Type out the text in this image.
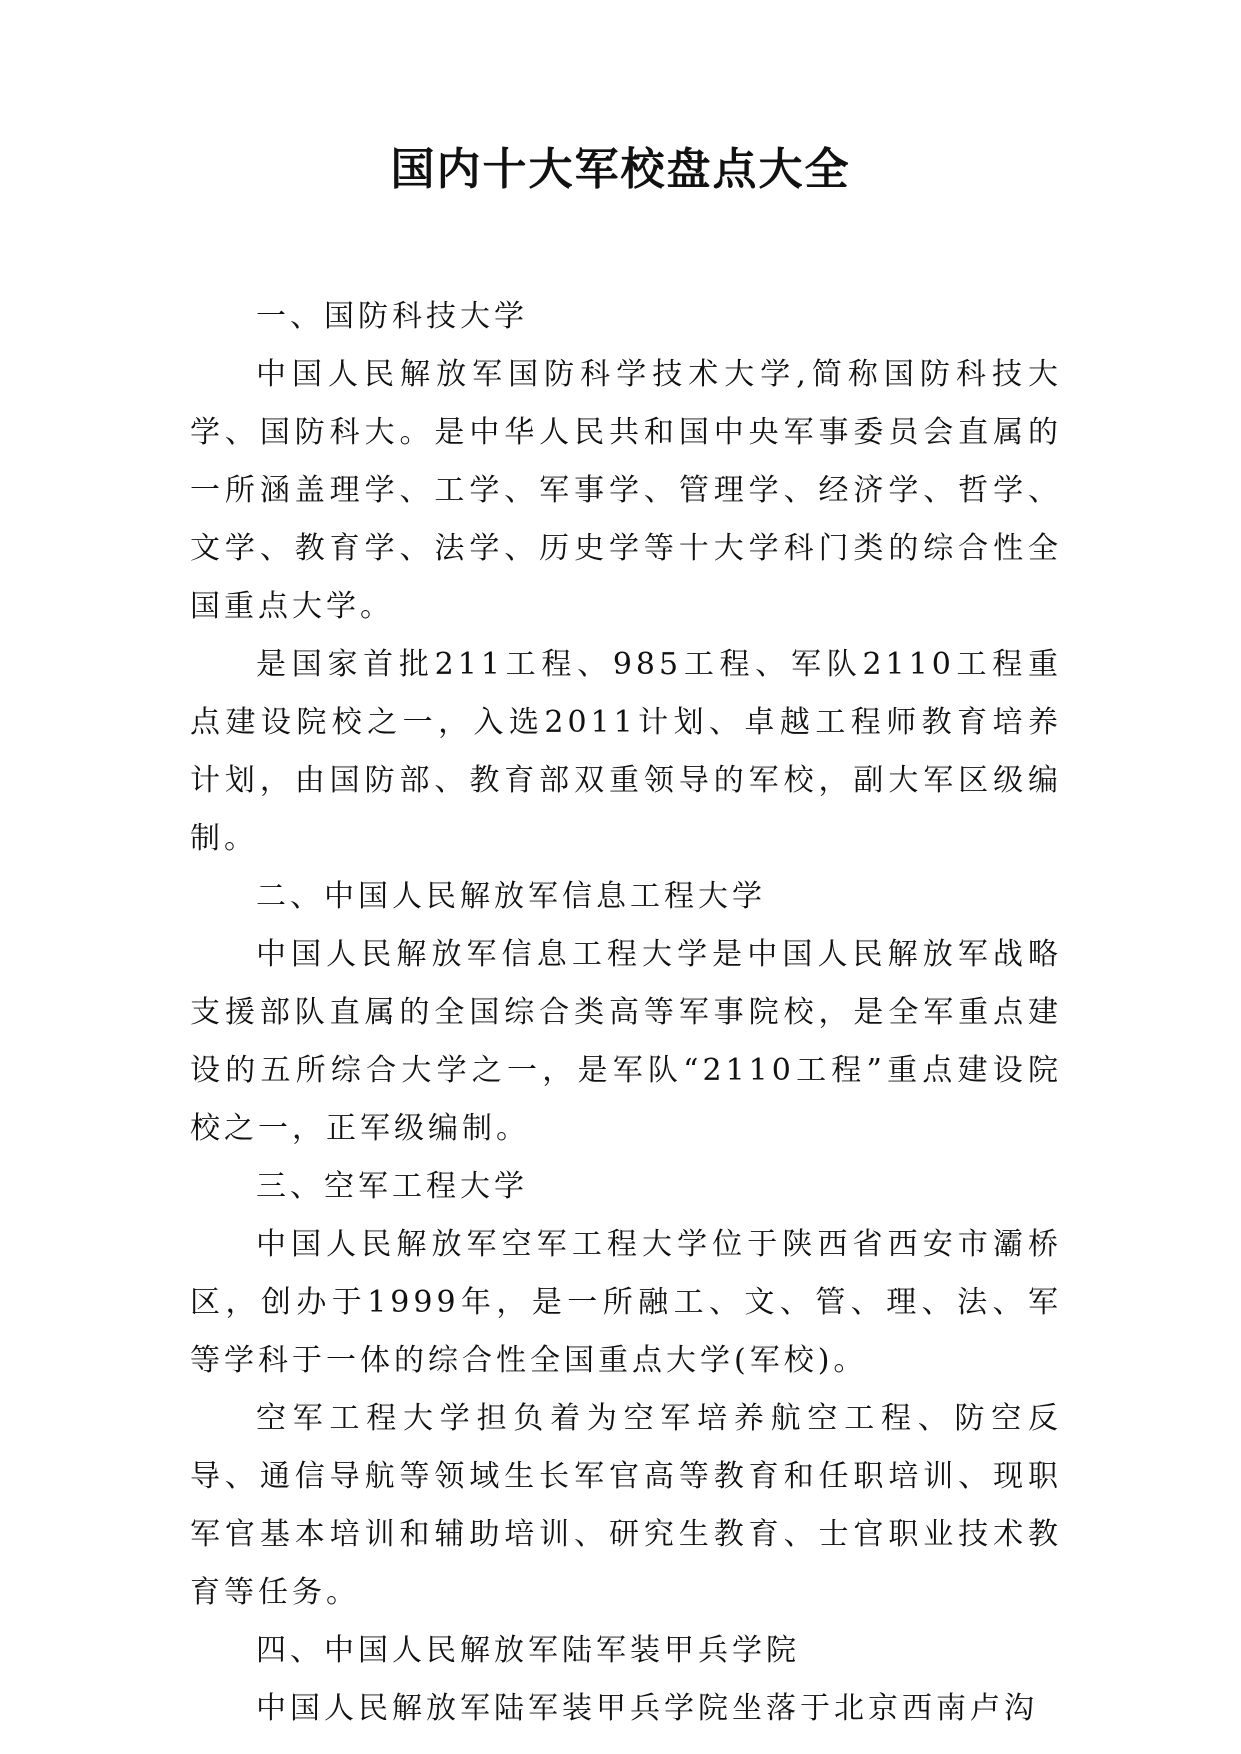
国内十大军校盘点大全

一、国防科技大学

中国人民解放军国防科学技术大学,简称国防科技大学、国防科大。是中华人民共和国中央军事委员会直属的一所涵盖理学、工学、军事学、管理学、经济学、哲学、文学、教育学、法学、历史学等十大学科门类的综合性全国重点大学。

是国家首批211工程、985工程、军队2110工程重点建设院校之一，入选2011计划、卓越工程师教育培养计划，由国防部、教育部双重领导的军校，副大军区级编制。

二、中国人民解放军信息工程大学

中国人民解放军信息工程大学是中国人民解放军战略支援部队直属的全国综合类高等军事院校，是全军重点建设的五所综合大学之一，是军队“2110工程”重点建设院校之一，正军级编制。

三、空军工程大学

中国人民解放军空军工程大学位于陕西省西安市灞桥区，创办于1999年，是一所融工、文、管、理、法、军等学科于一体的综合性全国重点大学(军校)。

空军工程大学担负着为空军培养航空工程、防空反导、通信导航等领域生长军官高等教育和任职培训、现职军官基本培训和辅助培训、研究生教育、士官职业技术教育等任务。

四、中国人民解放军陆军装甲兵学院

中国人民解放军陆军装甲兵学院坐落于北京西南卢沟
